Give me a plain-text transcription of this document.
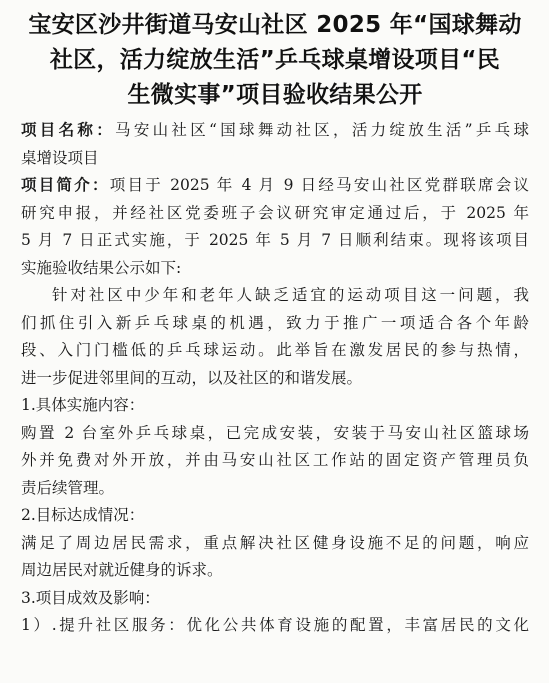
宝安区沙井街道马安山社区 2025 年“国球舞动
社区，活力绽放生活”乒乓球桌增设项目“民
生微实事”项目验收结果公开

项目名称：马安山社区“国球舞动社区，活力绽放生活”乒乓球

桌增设项目

项目简介：项目于 2025 年 4 月 9 日经马安山社区党群联席会议

研究申报，并经社区党委班子会议研究审定通过后，于 2025 年

5 月 7 日正式实施，于 2025 年 5 月 7 日顺利结束。现将该项目

实施验收结果公示如下:

针对社区中少年和老年人缺乏适宜的运动项目这一问题，我

们抓住引入新乒乓球桌的机遇，致力于推广一项适合各个年龄

段、入门门槛低的乒乓球运动。此举旨在激发居民的参与热情，

进一步促进邻里间的互动，以及社区的和谐发展。

1.具体实施内容：

购置 2 台室外乒乓球桌，已完成安装，安装于马安山社区篮球场

外并免费对外开放，并由马安山社区工作站的固定资产管理员负

责后续管理。

2.目标达成情况：

满足了周边居民需求，重点解决社区健身设施不足的问题，响应

周边居民对就近健身的诉求。

3.项目成效及影响：

1）.提升社区服务：优化公共体育设施的配置，丰富居民的文化
